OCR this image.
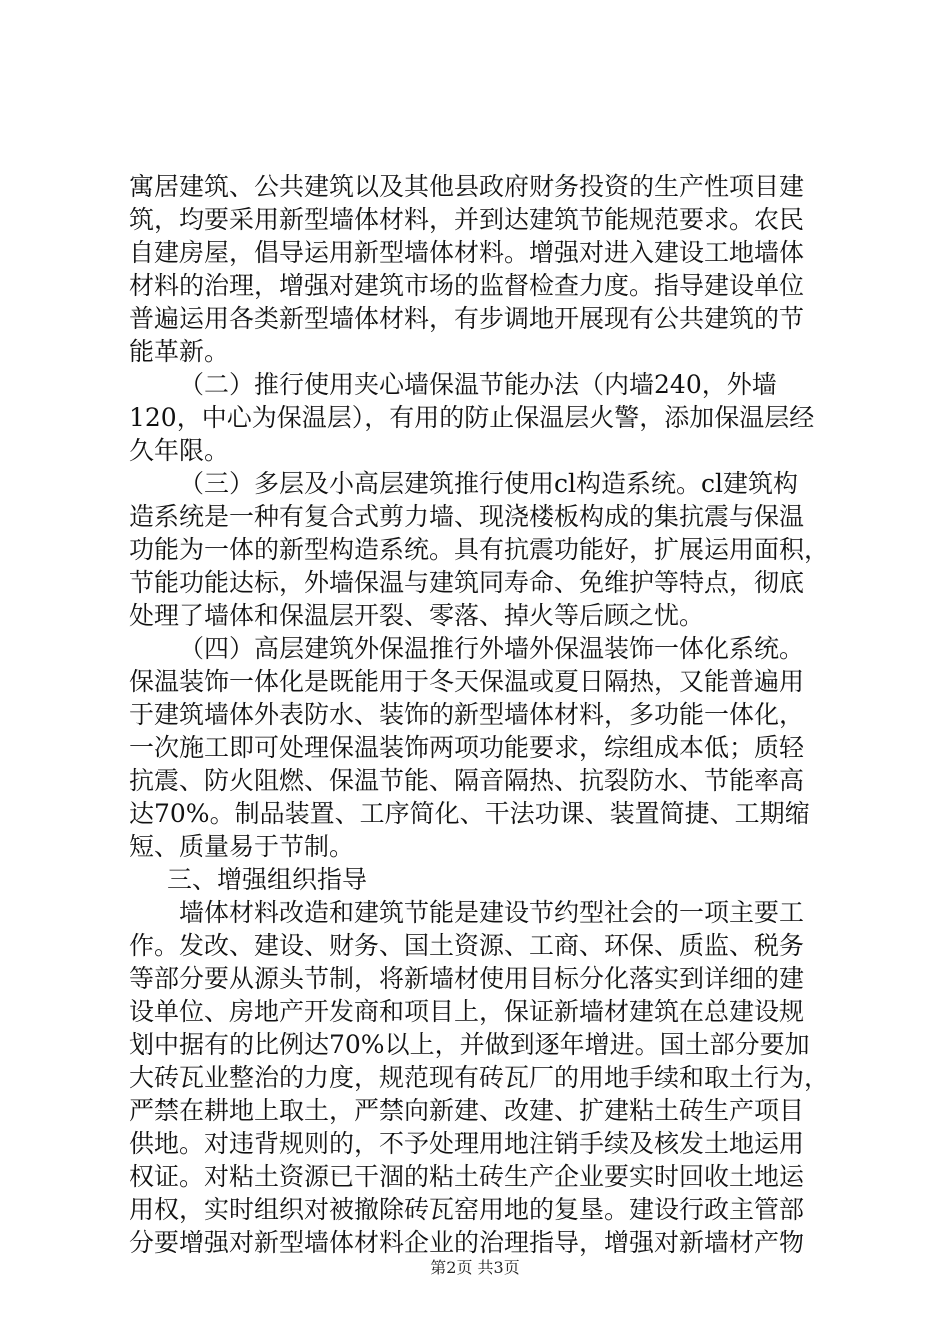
寓居建筑、公共建筑以及其他县政府财务投资的生产性项目建
筑，均要采用新型墙体材料，并到达建筑节能规范要求。农民
自建房屋，倡导运用新型墙体材料。增强对进入建设工地墙体
材料的治理，增强对建筑市场的监督检查力度。指导建设单位
普遍运用各类新型墙体材料，有步调地开展现有公共建筑的节
能革新。
（二）推行使用夹心墙保温节能办法（内墙240，外墙
120，中心为保温层），有用的防止保温层火警，添加保温层经
久年限。
（三）多层及小高层建筑推行使用cl构造系统。cl建筑构
造系统是一种有复合式剪力墙、现浇楼板构成的集抗震与保温
功能为一体的新型构造系统。具有抗震功能好，扩展运用面积，
节能功能达标，外墙保温与建筑同寿命、免维护等特点，彻底
处理了墙体和保温层开裂、零落、掉火等后顾之忧。
（四）高层建筑外保温推行外墙外保温装饰一体化系统。
保温装饰一体化是既能用于冬天保温或夏日隔热，又能普遍用
于建筑墙体外表防水、装饰的新型墙体材料，多功能一体化，
一次施工即可处理保温装饰两项功能要求，综组成本低；质轻
抗震、防火阻燃、保温节能、隔音隔热、抗裂防水、节能率高
达70%。制品装置、工序简化、干法功课、装置简捷、工期缩
短、质量易于节制。
三、增强组织指导
墙体材料改造和建筑节能是建设节约型社会的一项主要工
作。发改、建设、财务、国土资源、工商、环保、质监、税务
等部分要从源头节制，将新墙材使用目标分化落实到详细的建
设单位、房地产开发商和项目上，保证新墙材建筑在总建设规
划中据有的比例达70%以上，并做到逐年增进。国土部分要加
大砖瓦业整治的力度，规范现有砖瓦厂的用地手续和取土行为，
严禁在耕地上取土，严禁向新建、改建、扩建粘土砖生产项目
供地。对违背规则的，不予处理用地注销手续及核发土地运用
权证。对粘土资源已干涸的粘土砖生产企业要实时回收土地运
用权，实时组织对被撤除砖瓦窑用地的复垦。建设行政主管部
分要增强对新型墙体材料企业的治理指导，增强对新墙材产物
第2页 共3页
